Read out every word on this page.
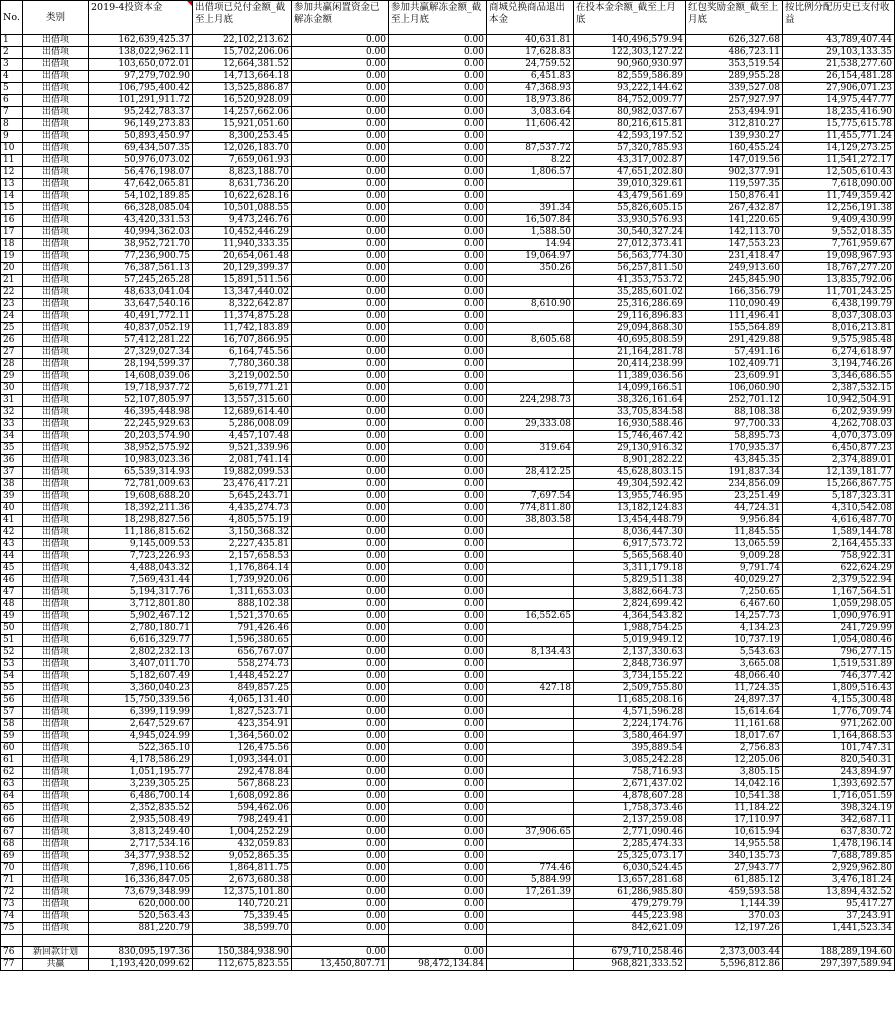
No.	类别	2019-4投资本金	出借项已兑付金额_截至上月底	参加共赢闲置资金已解冻金额	参加共赢解冻金额_截至上月底	商城兑换商品退出本金	在投本金余额_截至上月底	红包奖励金额_截至上月底	按比例分配历史已支付收益
1	出借项	162,639,425.37	22,102,213.62	0.00	0.00	40,631.81	140,496,579.94	626,327.68	43,789,407.44
2	出借项	138,022,962.11	15,702,206.06	0.00	0.00	17,628.83	122,303,127.22	486,723.11	29,103,133.35
3	出借项	103,650,072.01	12,664,381.52	0.00	0.00	24,759.52	90,960,930.97	353,519.54	21,538,277.60
4	出借项	97,279,702.90	14,713,664.18	0.00	0.00	6,451.83	82,559,586.89	289,955.28	26,154,481.28
5	出借项	106,795,400.42	13,525,886.87	0.00	0.00	47,368.93	93,222,144.62	339,527.08	27,906,071.23
6	出借项	101,291,911.72	16,520,928.09	0.00	0.00	18,973.86	84,752,009.77	257,927.97	14,975,447.77
7	出借项	95,242,783.37	14,257,662.06	0.00	0.00	3,083.64	80,982,037.67	253,494.91	18,235,416.90
8	出借项	96,149,273.83	15,921,051.60	0.00	0.00	11,606.42	80,216,615.81	312,810.27	15,775,615.78
9	出借项	50,893,450.97	8,300,253.45	0.00	0.00		42,593,197.52	139,930.27	11,455,771.24
10	出借项	69,434,507.35	12,026,183.70	0.00	0.00	87,537.72	57,320,785.93	160,455.24	14,129,273.25
11	出借项	50,976,073.02	7,659,061.93	0.00	0.00	8.22	43,317,002.87	147,019.56	11,541,272.17
12	出借项	56,476,198.07	8,823,188.70	0.00	0.00	1,806.57	47,651,202.80	902,377.91	12,505,610.43
13	出借项	47,642,065.81	8,631,736.20	0.00	0.00		39,010,329.61	119,597.35	7,618,090.00
14	出借项	54,102,189.85	10,622,628.16	0.00	0.00		43,479,561.69	150,876.41	11,749,359.42
15	出借项	66,328,085.04	10,501,088.55	0.00	0.00	391.34	55,826,605.15	267,432.87	12,256,191.38
16	出借项	43,420,331.53	9,473,246.76	0.00	0.00	16,507.84	33,930,576.93	141,220.65	9,409,430.99
17	出借项	40,994,362.03	10,452,446.29	0.00	0.00	1,588.50	30,540,327.24	142,113.70	9,552,018.35
18	出借项	38,952,721.70	11,940,333.35	0.00	0.00	14.94	27,012,373.41	147,553.23	7,761,959.67
19	出借项	77,236,900.75	20,654,061.48	0.00	0.00	19,064.97	56,563,774.30	231,418.47	19,098,967.93
20	出借项	76,387,561.13	20,129,399.37	0.00	0.00	350.26	56,257,811.50	249,913.60	18,767,277.20
21	出借项	57,245,265.28	15,891,511.56	0.00	0.00		41,353,753.72	245,845.90	13,835,792.06
22	出借项	48,633,041.04	13,347,440.02	0.00	0.00		35,285,601.02	166,356.79	11,701,243.25
23	出借项	33,647,540.16	8,322,642.87	0.00	0.00	8,610.90	25,316,286.69	110,090.49	6,438,199.79
24	出借项	40,491,772.11	11,374,875.28	0.00	0.00		29,116,896.83	111,496.41	8,037,308.03
25	出借项	40,837,052.19	11,742,183.89	0.00	0.00		29,094,868.30	155,564.89	8,016,213.81
26	出借项	57,412,281.22	16,707,866.95	0.00	0.00	8,605.68	40,695,808.59	291,429.88	9,575,985.48
27	出借项	27,329,027.34	6,164,745.56	0.00	0.00		21,164,281.78	57,491.16	6,274,618.97
28	出借项	28,194,599.37	7,780,360.38	0.00	0.00		20,414,238.99	102,409.71	3,194,746.26
29	出借项	14,608,039.06	3,219,002.50	0.00	0.00		11,389,036.56	23,609.91	3,346,686.55
30	出借项	19,718,937.72	5,619,771.21	0.00	0.00		14,099,166.51	106,060.90	2,387,532.15
31	出借项	52,107,805.97	13,557,315.60	0.00	0.00	224,298.73	38,326,161.64	252,701.12	10,942,504.91
32	出借项	46,395,448.98	12,689,614.40	0.00	0.00		33,705,834.58	88,108.38	6,202,939.99
33	出借项	22,245,929.63	5,286,008.09	0.00	0.00	29,333.08	16,930,588.46	97,700.33	4,262,708.03
34	出借项	20,203,574.90	4,457,107.48	0.00	0.00		15,746,467.42	58,895.73	4,070,373.09
35	出借项	38,952,575.92	9,521,339.96	0.00	0.00	319.64	29,130,916.32	170,935.37	6,450,877.23
36	出借项	10,983,023.36	2,081,741.14	0.00	0.00		8,901,282.22	43,845.35	2,374,889.01
37	出借项	65,539,314.93	19,882,099.53	0.00	0.00	28,412.25	45,628,803.15	191,837.34	12,139,181.77
38	出借项	72,781,009.63	23,476,417.21	0.00	0.00		49,304,592.42	234,856.09	15,266,867.75
39	出借项	19,608,688.20	5,645,243.71	0.00	0.00	7,697.54	13,955,746.95	23,251.49	5,187,323.31
40	出借项	18,392,211.36	4,435,274.73	0.00	0.00	774,811.80	13,182,124.83	44,724.31	4,310,542.08
41	出借项	18,298,827.56	4,805,575.19	0.00	0.00	38,803.58	13,454,448.79	9,956.84	4,616,487.70
42	出借项	11,186,815.62	3,150,368.32	0.00	0.00		8,036,447.30	11,845.55	1,589,144.78
43	出借项	9,145,009.53	2,227,435.81	0.00	0.00		6,917,573.72	13,065.59	2,164,455.33
44	出借项	7,723,226.93	2,157,658.53	0.00	0.00		5,565,568.40	9,009.28	758,922.31
45	出借项	4,488,043.32	1,176,864.14	0.00	0.00		3,311,179.18	9,791.74	622,624.29
46	出借项	7,569,431.44	1,739,920.06	0.00	0.00		5,829,511.38	40,029.27	2,379,522.94
47	出借项	5,194,317.76	1,311,653.03	0.00	0.00		3,882,664.73	7,250.65	1,167,564.51
48	出借项	3,712,801.80	888,102.38	0.00	0.00		2,824,699.42	6,467.60	1,059,298.05
49	出借项	5,902,467.12	1,521,370.65	0.00	0.00	16,552.65	4,364,543.82	14,257.73	1,090,976.91
50	出借项	2,780,180.71	791,426.46	0.00	0.00		1,988,754.25	4,134.23	241,729.99
51	出借项	6,616,329.77	1,596,380.65	0.00	0.00		5,019,949.12	10,737.19	1,054,080.46
52	出借项	2,802,232.13	656,767.07	0.00	0.00	8,134.43	2,137,330.63	5,543.63	796,277.15
53	出借项	3,407,011.70	558,274.73	0.00	0.00		2,848,736.97	3,665.08	1,519,531.89
54	出借项	5,182,607.49	1,448,452.27	0.00	0.00		3,734,155.22	48,066.40	746,377.42
55	出借项	3,360,040.23	849,857.25	0.00	0.00	427.18	2,509,755.80	11,724.35	1,809,516.43
56	出借项	15,750,339.56	4,065,131.40	0.00	0.00		11,685,208.16	24,897.37	4,155,300.48
57	出借项	6,399,119.99	1,827,523.71	0.00	0.00		4,571,596.28	15,614.64	1,776,709.74
58	出借项	2,647,529.67	423,354.91	0.00	0.00		2,224,174.76	11,161.68	971,262.00
59	出借项	4,945,024.99	1,364,560.02	0.00	0.00		3,580,464.97	18,017.67	1,164,868.53
60	出借项	522,365.10	126,475.56	0.00	0.00		395,889.54	2,756.83	101,747.31
61	出借项	4,178,586.29	1,093,344.01	0.00	0.00		3,085,242.28	12,205.06	820,540.31
62	出借项	1,051,195.77	292,478.84	0.00	0.00		758,716.93	3,805.15	243,894.97
63	出借项	3,239,305.25	567,868.23	0.00	0.00		2,671,437.02	14,042.16	1,393,692.57
64	出借项	6,486,700.14	1,608,092.86	0.00	0.00		4,878,607.28	10,541.38	1,716,051.59
65	出借项	2,352,835.52	594,462.06	0.00	0.00		1,758,373.46	11,184.22	398,324.19
66	出借项	2,935,508.49	798,249.41	0.00	0.00		2,137,259.08	17,110.97	342,687.11
67	出借项	3,813,249.40	1,004,252.29	0.00	0.00	37,906.65	2,771,090.46	10,615.94	637,830.72
68	出借项	2,717,534.16	432,059.83	0.00	0.00		2,285,474.33	14,955.58	1,478,196.14
69	出借项	34,377,938.52	9,052,865.35	0.00	0.00		25,325,073.17	340,135.73	7,688,789.85
70	出借项	7,896,110.66	1,864,811.75	0.00	0.00	774.46	6,030,524.45	27,943.77	2,929,962.80
71	出借项	16,336,847.05	2,673,680.38	0.00	0.00	5,884.99	13,657,281.68	61,885.12	3,476,181.24
72	出借项	73,679,348.99	12,375,101.80	0.00	0.00	17,261.39	61,286,985.80	459,593.58	13,894,432.52
73	出借项	620,000.00	140,720.21	0.00	0.00		479,279.79	1,144.39	95,417.27
74	出借项	520,563.43	75,339.45	0.00	0.00		445,223.98	370.03	37,243.91
75	出借项	881,220.79	38,599.70	0.00	0.00		842,621.09	12,197.26	1,441,523.34

76	新回款计划	830,095,197.36	150,384,938.90	0.00	0.00		679,710,258.46	2,373,003.44	188,289,194.60
77	共赢	1,193,420,099.62	112,675,823.55	13,450,807.71	98,472,134.84		968,821,333.52	5,596,812.86	297,397,589.94
